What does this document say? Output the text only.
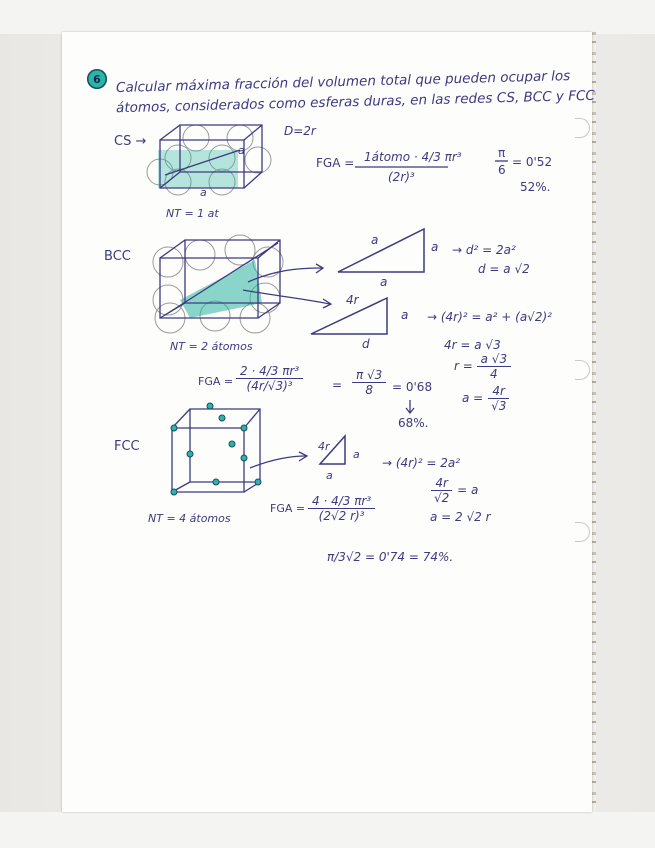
6 Calcular máxima fracción del volumen total que pueden ocupar los
átomos, considerados como esferas duras, en las redes CS, BCC y FCC
CS →
a
a
D=2r
FGA = 1átomo · 4/3 πr³
(2r)³
π
6
= 0'52
52%.
NT = 1 at
BCC
a	a
a
→ d² = 2a²
d = a √2
4r
a
d
→ (4r)² = a² + (a√2)²
4r = a √3
$r = \frac{a √3}{4}$
$a = \frac{4r}{√3}$
NT = 2 átomos
FGA = $\frac{\text{2 · 4/3 πr³}}{\text{(4r/√3)³}} = \frac{\pi √3}{8} = 0'68$
68%.
FCC	4r
a
a
→ (4r)² = 2a²
$\frac{4r}{√2} = a$
a = 2 √2 r
NT = 4 átomos
FGA = $\frac{\text{4 · 4/3 πr³}}{\text{(2√2 r)³}}$
π/3√2 = 0'74 = 74%.
